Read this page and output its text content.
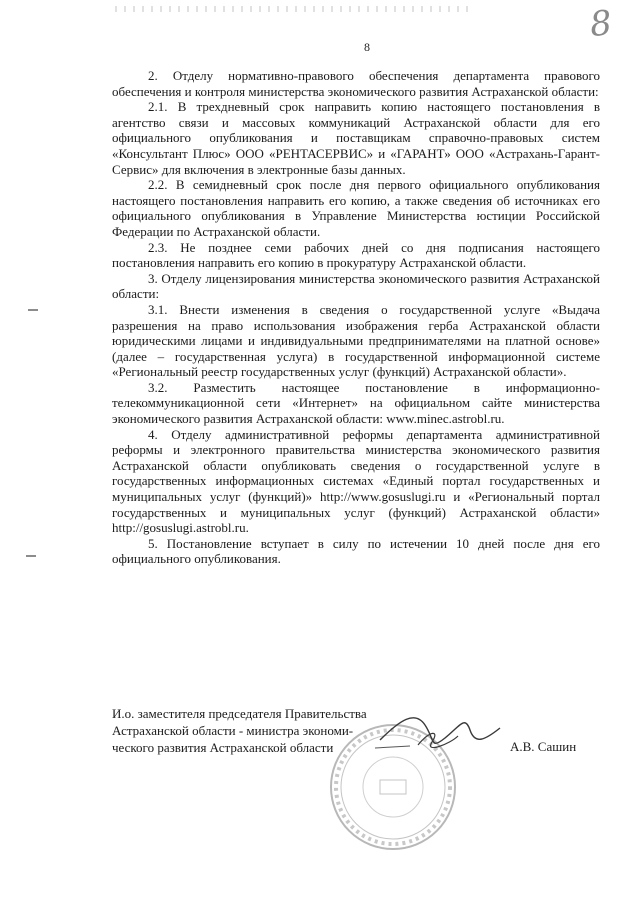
8
8

2. Отделу нормативно-правового обеспечения департамента правового обеспечения и контроля министерства экономического развития Астраханской области:

2.1. В трехдневный срок направить копию настоящего постановления в агентство связи и массовых коммуникаций Астраханской области для его официального опубликования и поставщикам справочно-правовых систем «Консультант Плюс» ООО «РЕНТАСЕРВИС» и «ГАРАНТ» ООО «Астрахань-Гарант-Сервис» для включения в электронные базы данных.

2.2. В семидневный срок после дня первого официального опубликования настоящего постановления направить его копию, а также сведения об источниках его официального опубликования в Управление Министерства юстиции Российской Федерации по Астраханской области.

2.3. Не позднее семи рабочих дней со дня подписания настоящего постановления направить его копию в прокуратуру Астраханской области.

3. Отделу лицензирования министерства экономического развития Астраханской области:

3.1. Внести изменения в сведения о государственной услуге «Выдача разрешения на право использования изображения герба Астраханской области юридическими лицами и индивидуальными предпринимателями на платной основе» (далее – государственная услуга) в государственной информационной системе «Региональный реестр государственных услуг (функций) Астраханской области».

3.2. Разместить настоящее постановление в информационно-телекоммуникационной сети «Интернет» на официальном сайте министерства экономического развития Астраханской области: www.minec.astrobl.ru.

4. Отделу административной реформы департамента административной реформы и электронного правительства министерства экономического развития Астраханской области опубликовать сведения о государственной услуге в государственных информационных системах «Единый портал государственных и муниципальных услуг (функций)» http://www.gosuslugi.ru и «Региональный портал государственных и муниципальных услуг (функций) Астраханской области» http://gosuslugi.astrobl.ru.

5. Постановление вступает в силу по истечении 10 дней после дня его официального опубликования.

И.о. заместителя председателя Правительства
Астраханской области - министра экономи-
ческого развития Астраханской области	А.В. Сашин
